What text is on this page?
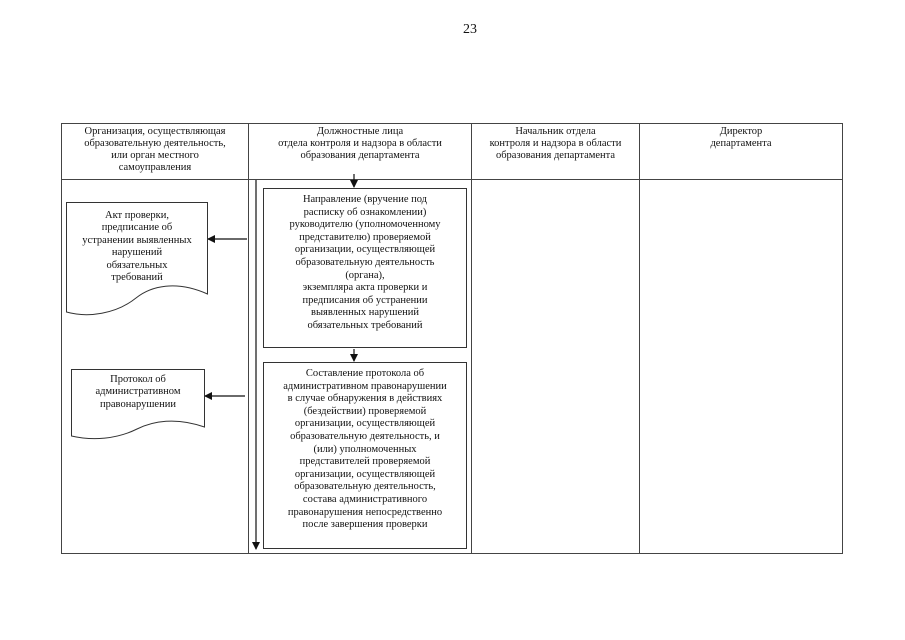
23
Организация, осуществляющая
образовательную деятельность,
или орган местного
самоуправления
Должностные лица
отдела контроля и надзора в области
образования департамента
Начальник отдела
контроля и надзора в области
образования департамента
Директор
департамента
Направление (вручение под
расписку об ознакомлении)
руководителю (уполномоченному
представителю) проверяемой
организации, осуществляющей
образовательную деятельность
(органа),
экземпляра акта проверки и
предписания об устранении
выявленных нарушений
обязательных требований
Составление протокола об
административном правонарушении
в случае обнаружения в действиях
(бездействии) проверяемой
организации, осуществляющей
образовательную деятельность, и
(или) уполномоченных
представителей проверяемой
организации, осуществляющей
образовательную деятельность,
состава административного
правонарушения непосредственно
после завершения проверки
Акт проверки,
предписание об
устранении выявленных
нарушений
обязательных
требований
Протокол об
административном
правонарушении
